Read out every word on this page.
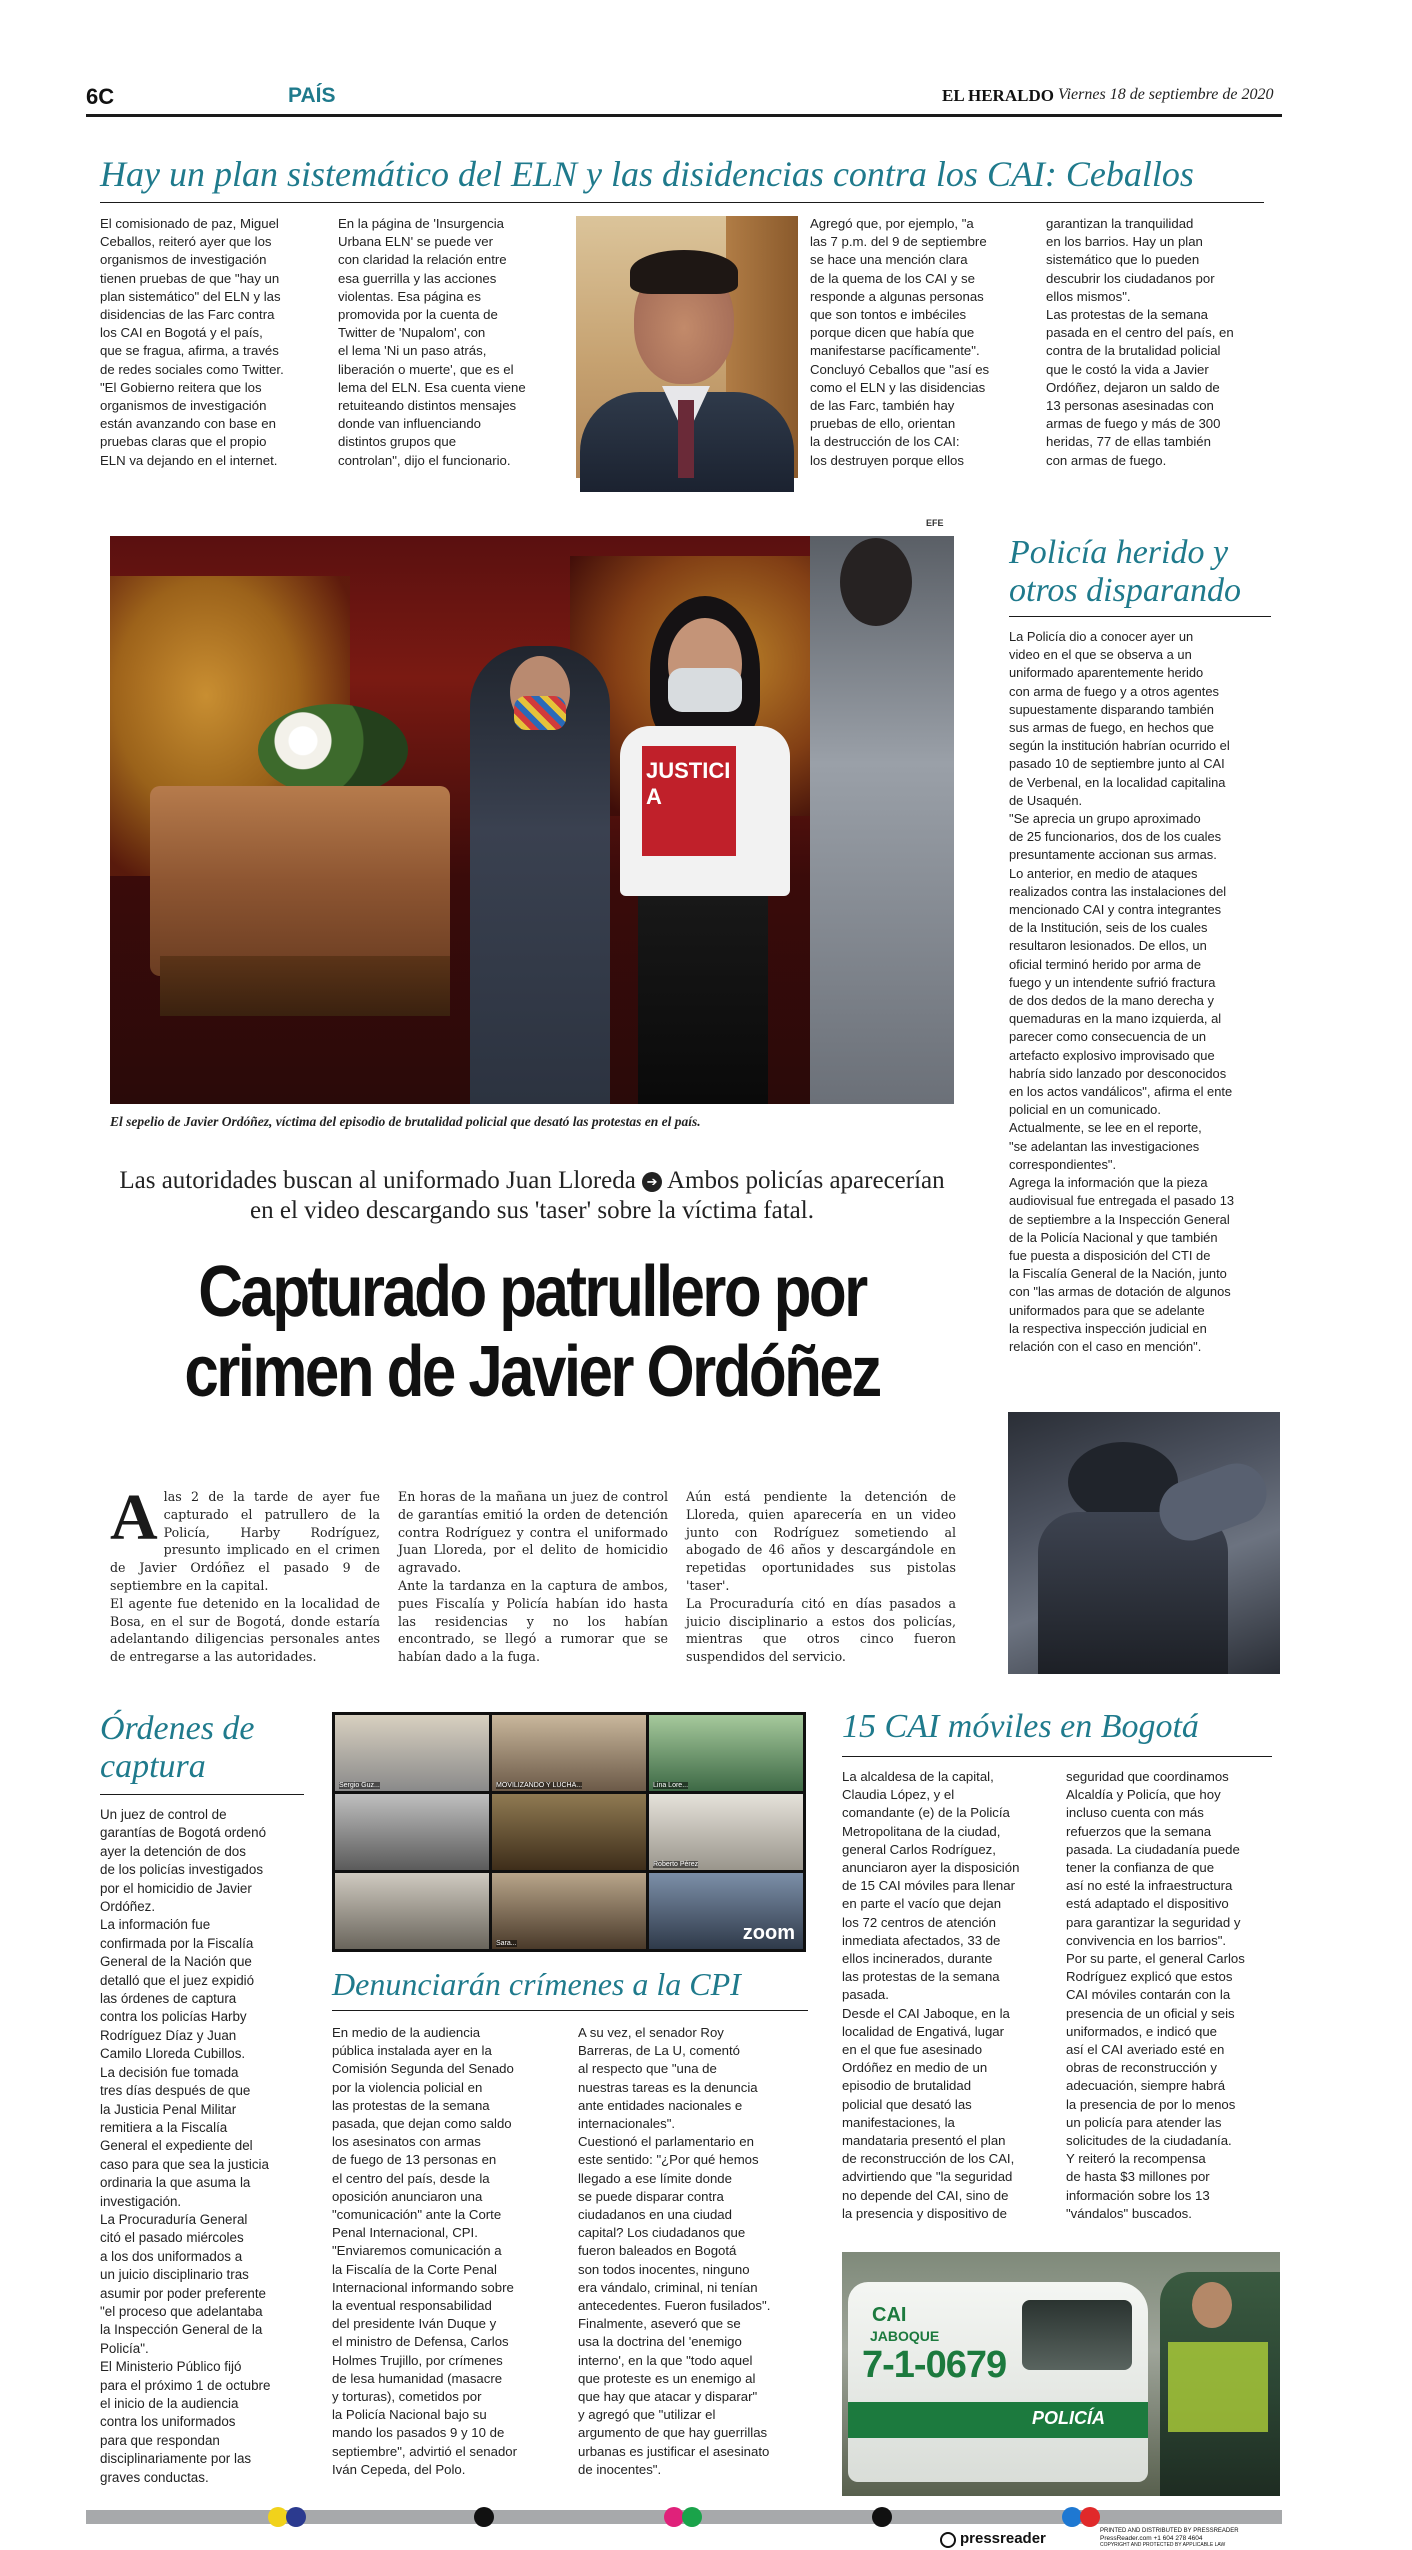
6C	PAÍS	EL HERALDO Viernes 18 de septiembre de 2020
Hay un plan sistemático del ELN y las disidencias contra los CAI: Ceballos
El comisionado de paz, Miguel
Ceballos, reiteró ayer que los
organismos de investigación
tienen pruebas de que "hay un
plan sistemático" del ELN y las
disidencias de las Farc contra
los CAI en Bogotá y el país,
que se fragua, afirma, a través
de redes sociales como Twitter.
"El Gobierno reitera que los
organismos de investigación
están avanzando con base en
pruebas claras que el propio
ELN va dejando en el internet.
En la página de 'Insurgencia
Urbana ELN' se puede ver
con claridad la relación entre
esa guerrilla y las acciones
violentas. Esa página es
promovida por la cuenta de
Twitter de 'Nupalom', con
el lema 'Ni un paso atrás,
liberación o muerte', que es el
lema del ELN. Esa cuenta viene
retuiteando distintos mensajes
donde van influenciando
distintos grupos que
controlan", dijo el funcionario.
Agregó que, por ejemplo, "a
las 7 p.m. del 9 de septiembre
se hace una mención clara
de la quema de los CAI y se
responde a algunas personas
que son tontos e imbéciles
porque dicen que había que
manifestarse pacíficamente".
Concluyó Ceballos que "así es
como el ELN y las disidencias
de las Farc, también hay
pruebas de ello, orientan
la destrucción de los CAI:
los destruyen porque ellos
garantizan la tranquilidad
en los barrios. Hay un plan
sistemático que lo pueden
descubrir los ciudadanos por
ellos mismos".
Las protestas de la semana
pasada en el centro del país, en
contra de la brutalidad policial
que le costó la vida a Javier
Ordóñez, dejaron un saldo de
13 personas asesinadas con
armas de fuego y más de 300
heridas, 77 de ellas también
con armas de fuego.
EFE
JUSTICIA
El sepelio de Javier Ordóñez, víctima del episodio de brutalidad policial que desató las protestas en el país.
Policía herido y otros disparando
La Policía dio a conocer ayer un
video en el que se observa a un
uniformado aparentemente herido
con arma de fuego y a otros agentes
supuestamente disparando también
sus armas de fuego, en hechos que
según la institución habrían ocurrido el
pasado 10 de septiembre junto al CAI
de Verbenal, en la localidad capitalina
de Usaquén.
"Se aprecia un grupo aproximado
de 25 funcionarios, dos de los cuales
presuntamente accionan sus armas.
Lo anterior, en medio de ataques
realizados contra las instalaciones del
mencionado CAI y contra integrantes
de la Institución, seis de los cuales
resultaron lesionados. De ellos, un
oficial terminó herido por arma de
fuego y un intendente sufrió fractura
de dos dedos de la mano derecha y
quemaduras en la mano izquierda, al
parecer como consecuencia de un
artefacto explosivo improvisado que
habría sido lanzado por desconocidos
en los actos vandálicos", afirma el ente
policial en un comunicado.
Actualmente, se lee en el reporte,
"se adelantan las investigaciones
correspondientes".
Agrega la información que la pieza
audiovisual fue entregada el pasado 13
de septiembre a la Inspección General
de la Policía Nacional y que también
fue puesta a disposición del CTI de
la Fiscalía General de la Nación, junto
con "las armas de dotación de algunos
uniformados para que se adelante
la respectiva inspección judicial en
relación con el caso en mención".
Las autoridades buscan al uniformado Juan Lloreda ➔ Ambos policías aparecerían en el video descargando sus 'taser' sobre la víctima fatal.
Capturado patrullero por crimen de Javier Ordóñez
A las 2 de la tarde de ayer fue capturado el patrullero de la Policía, Harby Rodríguez, presunto implicado en el crimen de Javier Ordóñez el pasado 9 de septiembre en la capital.
El agente fue detenido en la localidad de Bosa, en el sur de Bogotá, donde estaría adelantando diligencias personales antes de entregarse a las autoridades.
En horas de la mañana un juez de control de garantías emitió la orden de detención contra Rodríguez y contra el uniformado Juan Lloreda, por el delito de homicidio agravado.
Ante la tardanza en la captura de ambos, pues Fiscalía y Policía habían ido hasta las residencias y no los habían encontrado, se llegó a rumorar que se habían dado a la fuga.
Aún está pendiente la detención de Lloreda, quien aparecería en un video junto con Rodríguez sometiendo al abogado de 46 años y descargándole en repetidas oportunidades sus pistolas 'taser'.
La Procuraduría citó en días pasados a juicio disciplinario a estos dos policías, mientras que otros cinco fueron suspendidos del servicio.
Órdenes de captura
Un juez de control de
garantías de Bogotá ordenó
ayer la detención de dos
de los policías investigados
por el homicidio de Javier
Ordóñez.
La información fue
confirmada por la Fiscalía
General de la Nación que
detalló que el juez expidió
las órdenes de captura
contra los policías Harby
Rodríguez Díaz y Juan
Camilo Lloreda Cubillos.
La decisión fue tomada
tres días después de que
la Justicia Penal Militar
remitiera a la Fiscalía
General el expediente del
caso para que sea la justicia
ordinaria la que asuma la
investigación.
La Procuraduría General
citó el pasado miércoles
a los dos uniformados a
un juicio disciplinario tras
asumir por poder preferente
"el proceso que adelantaba
la Inspección General de la
Policía".
El Ministerio Público fijó
para el próximo 1 de octubre
el inicio de la audiencia
contra los uniformados
para que respondan
disciplinariamente por las
graves conductas.
Sergio Guz...	MOVILIZANDO Y LUCHA...	Lina Lore...
Roberto Pérez
Sara...	zoom
Denunciarán crímenes a la CPI
En medio de la audiencia
pública instalada ayer en la
Comisión Segunda del Senado
por la violencia policial en
las protestas de la semana
pasada, que dejan como saldo
los asesinatos con armas
de fuego de 13 personas en
el centro del país, desde la
oposición anunciaron una
"comunicación" ante la Corte
Penal Internacional, CPI.
"Enviaremos comunicación a
la Fiscalía de la Corte Penal
Internacional informando sobre
la eventual responsabilidad
del presidente Iván Duque y
el ministro de Defensa, Carlos
Holmes Trujillo, por crímenes
de lesa humanidad (masacre
y torturas), cometidos por
la Policía Nacional bajo su
mando los pasados 9 y 10 de
septiembre", advirtió el senador
Iván Cepeda, del Polo.
A su vez, el senador Roy
Barreras, de La U, comentó
al respecto que "una de
nuestras tareas es la denuncia
ante entidades nacionales e
internacionales".
Cuestionó el parlamentario en
este sentido: "¿Por qué hemos
llegado a ese límite donde
se puede disparar contra
ciudadanos en una ciudad
capital? Los ciudadanos que
fueron baleados en Bogotá
son todos inocentes, ninguno
era vándalo, criminal, ni tenían
antecedentes. Fueron fusilados".
Finalmente, aseveró que se
usa la doctrina del 'enemigo
interno', en la que "todo aquel
que proteste es un enemigo al
que hay que atacar y disparar"
y agregó que "utilizar el
argumento de que hay guerrillas
urbanas es justificar el asesinato
de inocentes".
15 CAI móviles en Bogotá
La alcaldesa de la capital,
Claudia López, y el
comandante (e) de la Policía
Metropolitana de la ciudad,
general Carlos Rodríguez,
anunciaron ayer la disposición
de 15 CAI móviles para llenar
en parte el vacío que dejan
los 72 centros de atención
inmediata afectados, 33 de
ellos incinerados, durante
las protestas de la semana
pasada.
Desde el CAI Jaboque, en la
localidad de Engativá, lugar
en el que fue asesinado
Ordóñez en medio de un
episodio de brutalidad
policial que desató las
manifestaciones, la
mandataria presentó el plan
de reconstrucción de los CAI,
advirtiendo que "la seguridad
no depende del CAI, sino de
la presencia y dispositivo de
seguridad que coordinamos
Alcaldía y Policía, que hoy
incluso cuenta con más
refuerzos que la semana
pasada. La ciudadanía puede
tener la confianza de que
así no esté la infraestructura
está adaptado el dispositivo
para garantizar la seguridad y
convivencia en los barrios".
Por su parte, el general Carlos
Rodríguez explicó que estos
CAI móviles contarán con la
presencia de un oficial y seis
uniformados, e indicó que
así el CAI averiado esté en
obras de reconstrucción y
adecuación, siempre habrá
la presencia de por lo menos
un policía para atender las
solicitudes de la ciudadanía.
Y reiteró la recompensa
de hasta $3 millones por
información sobre los 13
"vándalos" buscados.
CAI
JABOQUE
7-1-0679
POLICÍA
pressreader	PRINTED AND DISTRIBUTED BY PRESSREADER
PressReader.com +1 604 278 4604
COPYRIGHT AND PROTECTED BY APPLICABLE LAW
